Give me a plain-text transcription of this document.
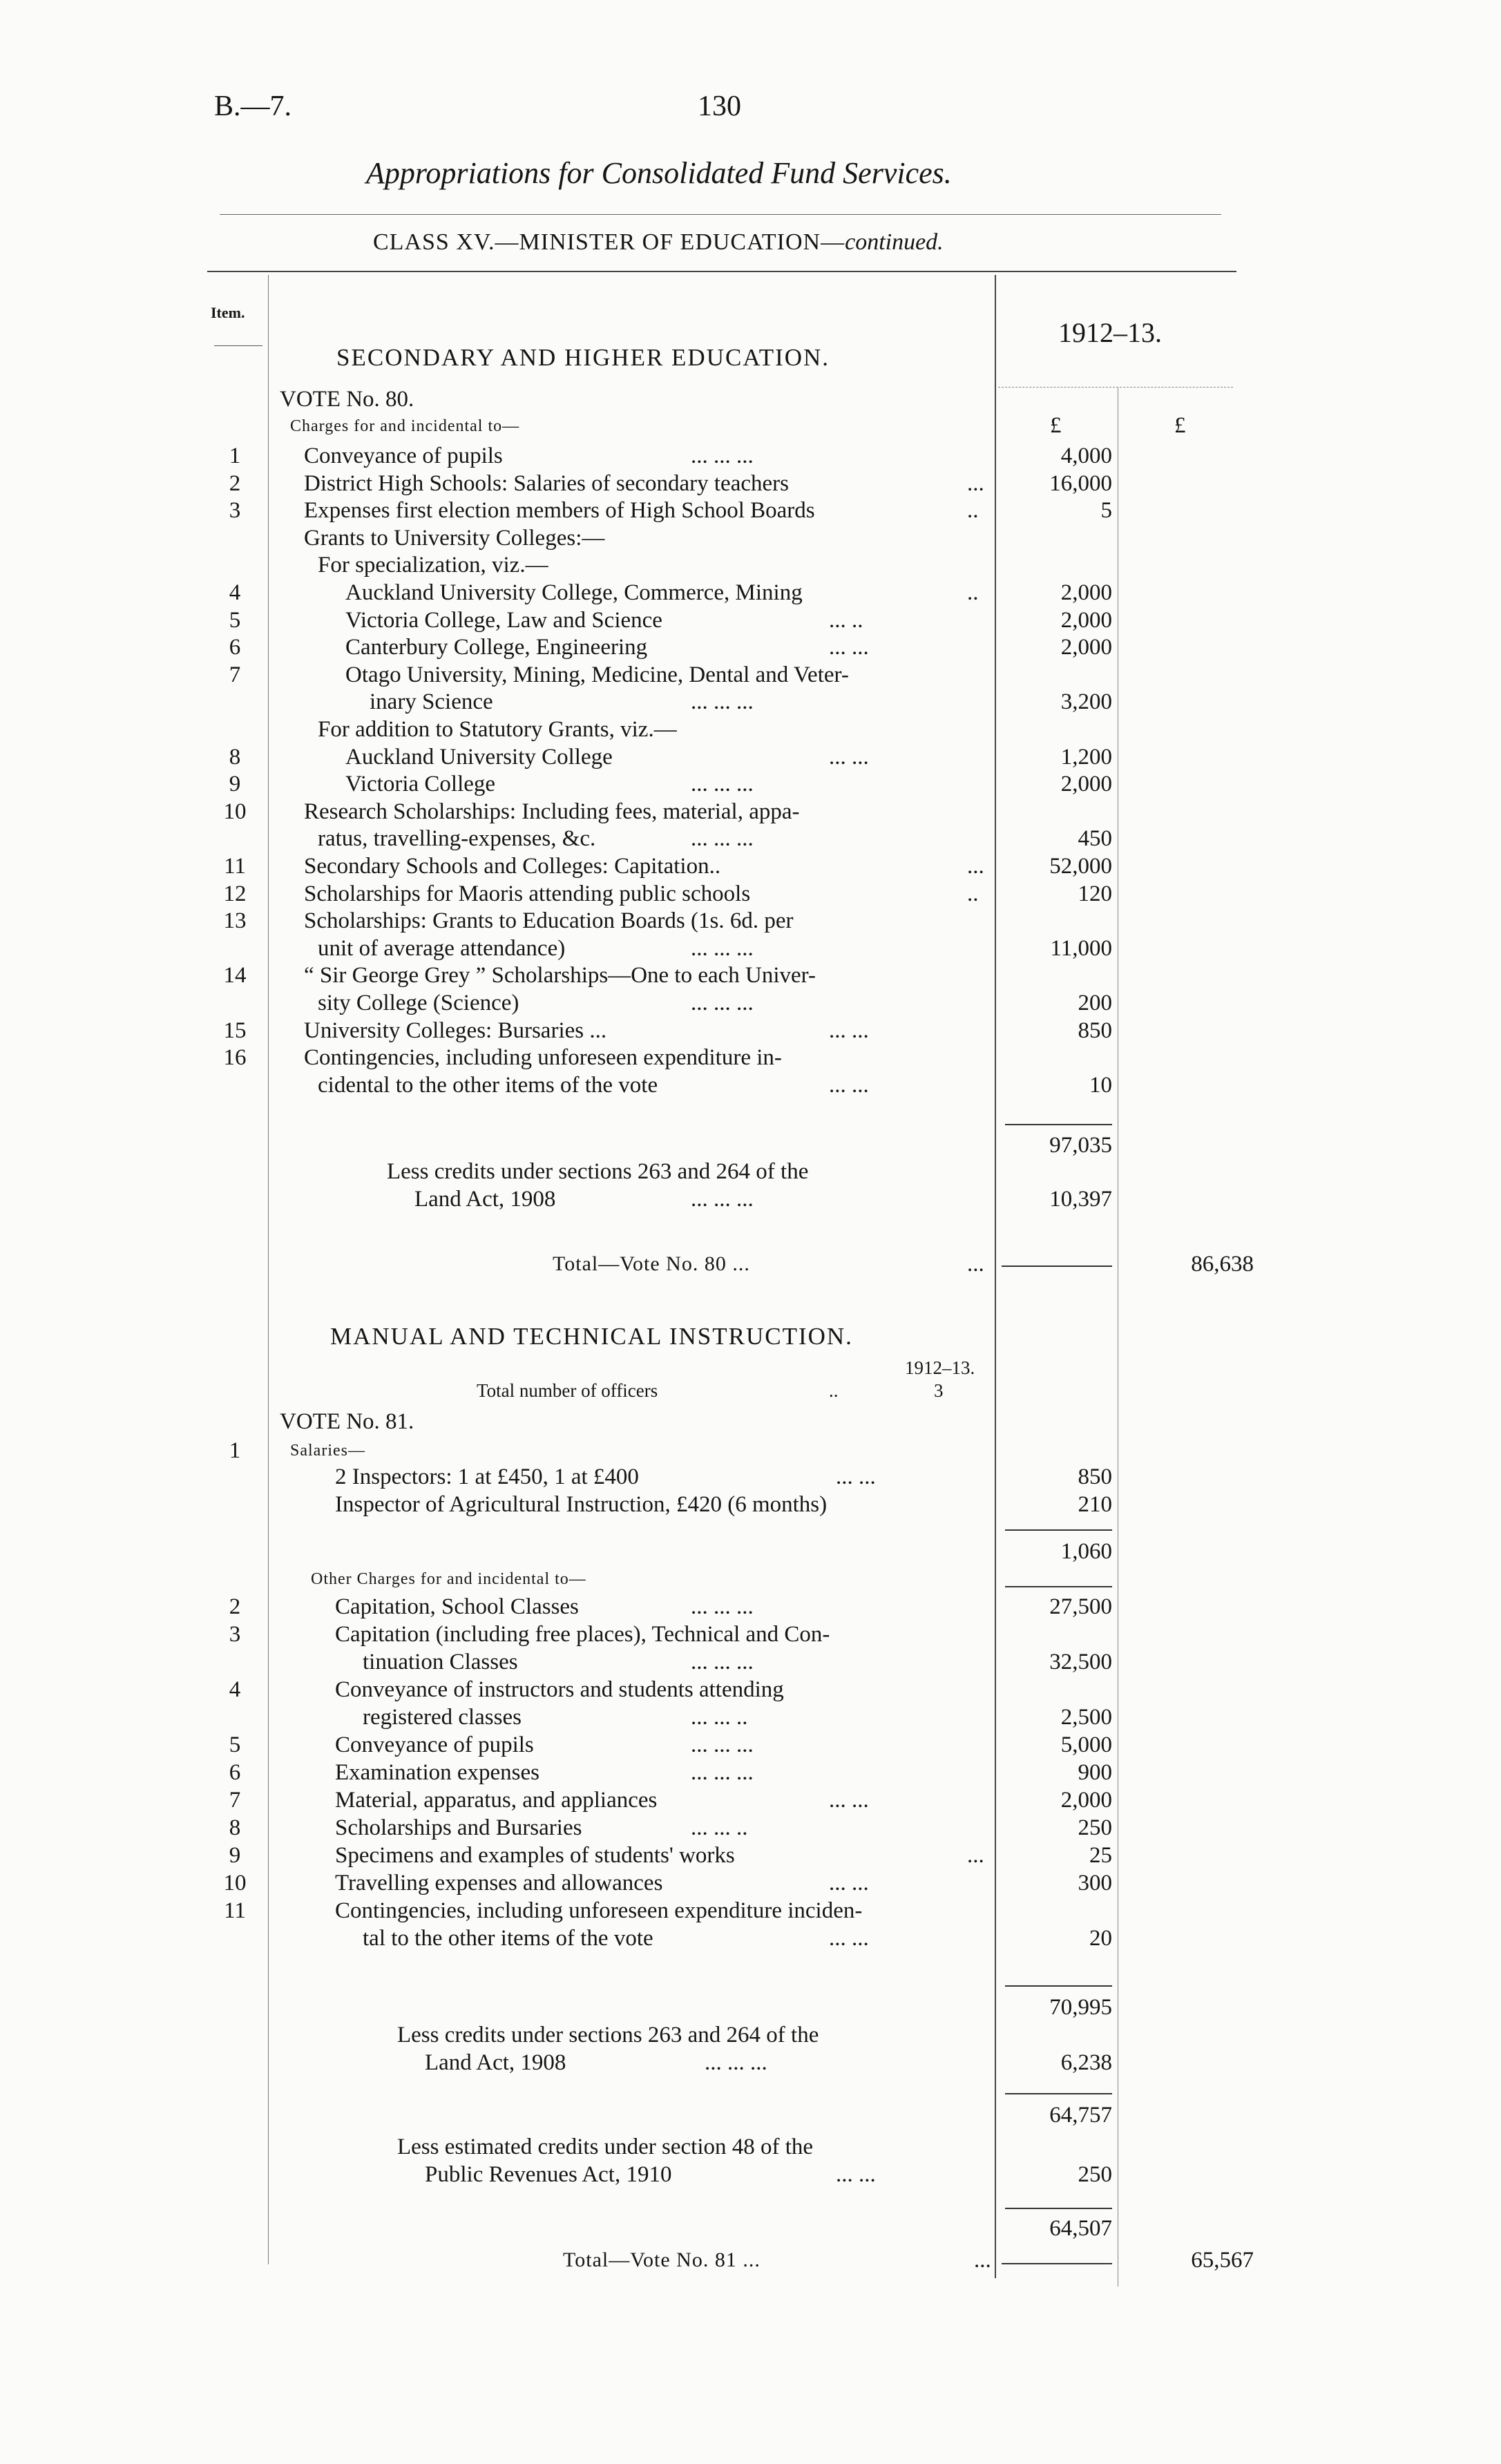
B.—7.	130
Appropriations for Consolidated Fund Services.
CLASS XV.—MINISTER OF EDUCATION—continued.
Item.
1912–13.
SECONDARY AND HIGHER EDUCATION.
VOTE No. 80.
Charges for and incidental to—	£	£
1	Conveyance of pupils	... ... ...	4,000
2	District High Schools: Salaries of secondary teachers	...	16,000
3	Expenses first election members of High School Boards	..	5
Grants to University Colleges:—
For specialization, viz.—
4	Auckland University College, Commerce, Mining	..	2,000
5	Victoria College, Law and Science	... ..	2,000
6	Canterbury College, Engineering	... ...	2,000
7	Otago University, Mining, Medicine, Dental and Veter-
inary Science	... ... ...	3,200
For addition to Statutory Grants, viz.—
8	Auckland University College	... ...	1,200
9	Victoria College	... ... ...	2,000
10	Research Scholarships: Including fees, material, appa-
ratus, travelling-expenses, &c.	... ... ...	450
11	Secondary Schools and Colleges: Capitation..	...	52,000
12	Scholarships for Maoris attending public schools	..	120
13	Scholarships: Grants to Education Boards (1s. 6d. per
unit of average attendance)	... ... ...	11,000
14	“ Sir George Grey ” Scholarships—One to each Univer-
sity College (Science)	... ... ...	200
15	University Colleges: Bursaries ...	... ...	850
16	Contingencies, including unforeseen expenditure in-
cidental to the other items of the vote	... ...	10
97,035
Less credits under sections 263 and 264 of the
Land Act, 1908	... ... ...	10,397
Total—Vote No. 80 ...	...	86,638
MANUAL AND TECHNICAL INSTRUCTION.
1912–13.
Total number of officers	..	3
VOTE No. 81.
1	Salaries—
2 Inspectors: 1 at £450, 1 at £400	... ...	850
Inspector of Agricultural Instruction, £420 (6 months)	210
1,060
Other Charges for and incidental to—
2	Capitation, School Classes	... ... ...	27,500
3	Capitation (including free places), Technical and Con-
tinuation Classes	... ... ...	32,500
4	Conveyance of instructors and students attending
registered classes	... ... ..	2,500
5	Conveyance of pupils	... ... ...	5,000
6	Examination expenses	... ... ...	900
7	Material, apparatus, and appliances	... ...	2,000
8	Scholarships and Bursaries	... ... ..	250
9	Specimens and examples of students' works	...	25
10	Travelling expenses and allowances	... ...	300
11	Contingencies, including unforeseen expenditure inciden-
tal to the other items of the vote	... ...	20
70,995
Less credits under sections 263 and 264 of the
Land Act, 1908	... ... ...	6,238
64,757
Less estimated credits under section 48 of the
Public Revenues Act, 1910	... ...	250
64,507
Total—Vote No. 81 ...	...	65,567
